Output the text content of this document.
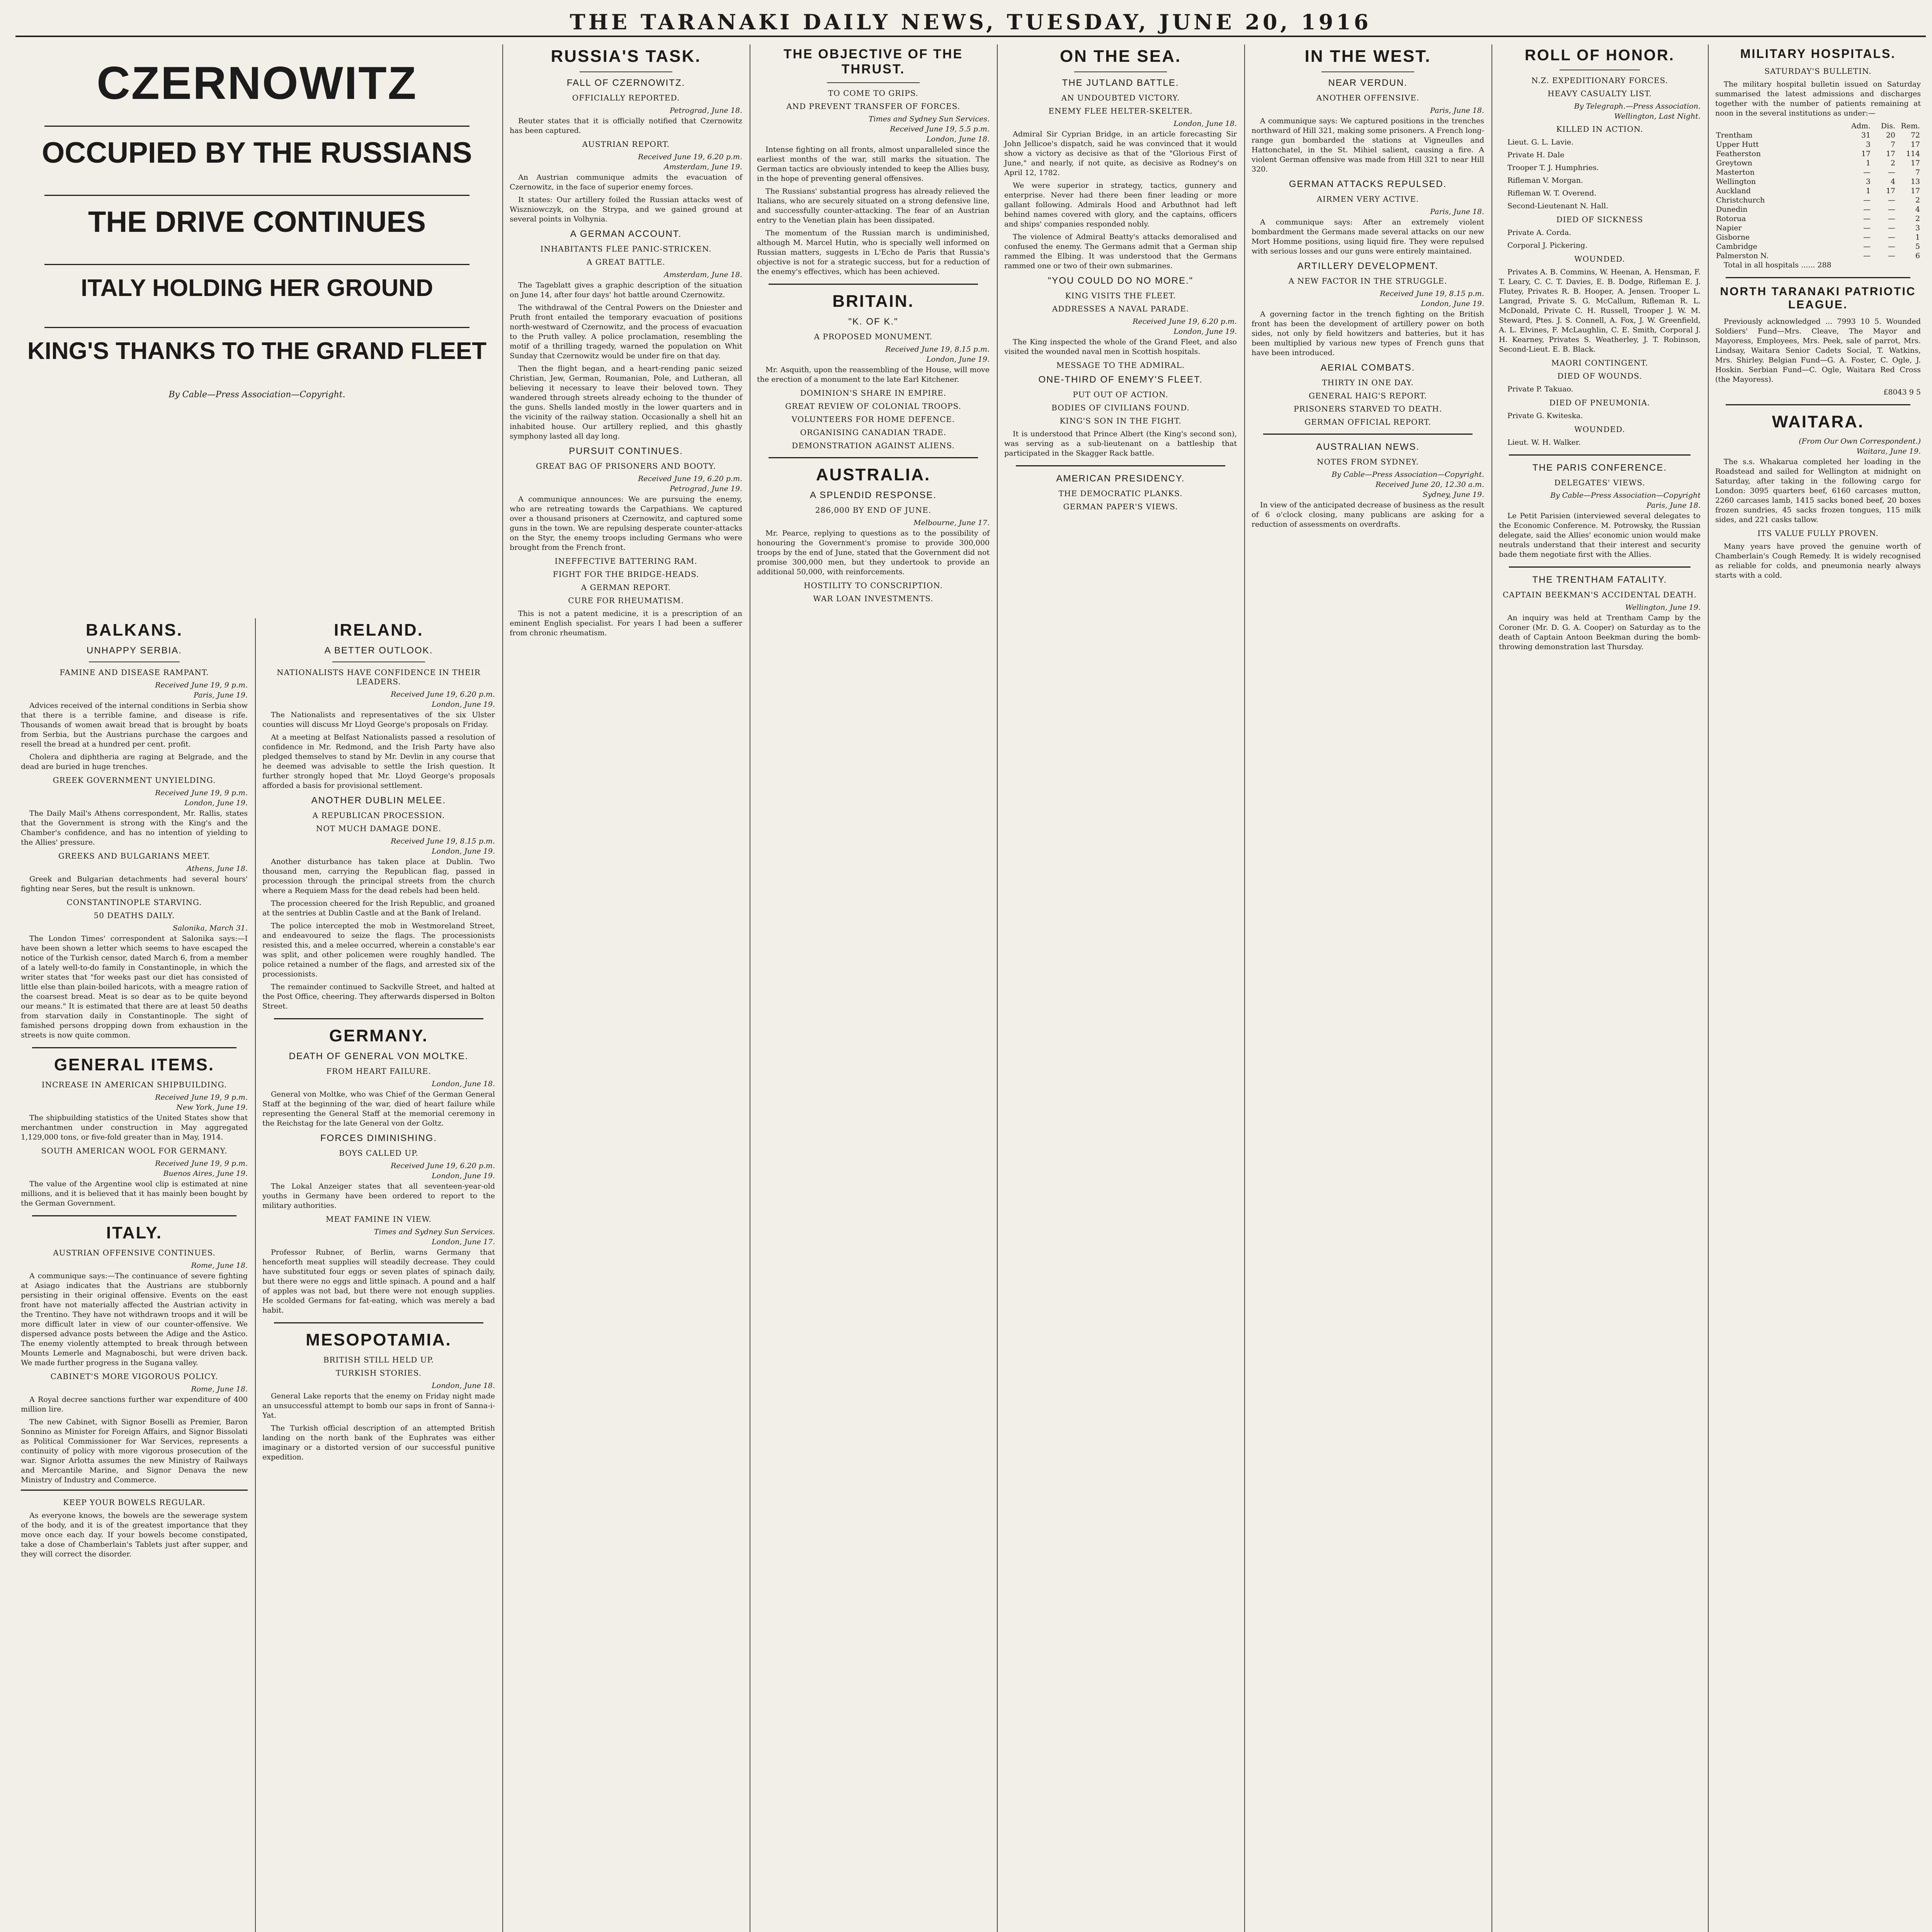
THE TARANAKI DAILY NEWS, TUESDAY, JUNE 20, 1916
CZERNOWITZ
OCCUPIED BY THE RUSSIANS
THE DRIVE CONTINUES
ITALY HOLDING HER GROUND
KING'S THANKS TO THE GRAND FLEET
By Cable—Press Association—Copyright.
BALKANS.
UNHAPPY SERBIA.
FAMINE AND DISEASE RAMPANT.
Received June 19, 9 p.m.
Paris, June 19.

Advices received of the internal conditions in Serbia show that there is a terrible famine, and disease is rife. Thousands of women await bread that is brought by boats from Serbia, but the Austrians purchase the cargoes and resell the bread at a hundred per cent. profit.

Cholera and diphtheria are raging at Belgrade, and the dead are buried in huge trenches.

GREEK GOVERNMENT UNYIELDING.
Received June 19, 9 p.m.
London, June 19.

The Daily Mail's Athens correspondent, Mr. Rallis, states that the Government is strong with the King's and the Chamber's confidence, and has no intention of yielding to the Allies' pressure.

GREEKS AND BULGARIANS MEET.
Athens, June 18.

Greek and Bulgarian detachments had several hours' fighting near Seres, but the result is unknown.

CONSTANTINOPLE STARVING.
50 DEATHS DAILY.
Salonika, March 31.

The London Times' correspondent at Salonika says:—I have been shown a letter which seems to have escaped the notice of the Turkish censor, dated March 6, from a member of a lately well-to-do family in Constantinople, in which the writer states that "for weeks past our diet has consisted of little else than plain-boiled haricots, with a meagre ration of the coarsest bread. Meat is so dear as to be quite beyond our means." It is estimated that there are at least 50 deaths from starvation daily in Constantinople. The sight of famished persons dropping down from exhaustion in the streets is now quite common.

GENERAL ITEMS.
INCREASE IN AMERICAN SHIPBUILDING.
Received June 19, 9 p.m.
New York, June 19.

The shipbuilding statistics of the United States show that merchantmen under construction in May aggregated 1,129,000 tons, or five-fold greater than in May, 1914.

SOUTH AMERICAN WOOL FOR GERMANY.
Received June 19, 9 p.m.
Buenos Aires, June 19.

The value of the Argentine wool clip is estimated at nine millions, and it is believed that it has mainly been bought by the German Government.

ITALY.
AUSTRIAN OFFENSIVE CONTINUES.
Rome, June 18.

A communique says:—The continuance of severe fighting at Asiago indicates that the Austrians are stubbornly persisting in their original offensive. Events on the east front have not materially affected the Austrian activity in the Trentino. They have not withdrawn troops and it will be more difficult later in view of our counter-offensive. We dispersed advance posts between the Adige and the Astico. The enemy violently attempted to break through between Mounts Lemerle and Magnaboschi, but were driven back. We made further progress in the Sugana valley.

CABINET'S MORE VIGOROUS POLICY.
Rome, June 18.

A Royal decree sanctions further war expenditure of 400 million lire.

The new Cabinet, with Signor Boselli as Premier, Baron Sonnino as Minister for Foreign Affairs, and Signor Bissolati as Political Commissioner for War Services, represents a continuity of policy with more vigorous prosecution of the war. Signor Arlotta assumes the new Ministry of Railways and Mercantile Marine, and Signor Denava the new Ministry of Industry and Commerce.

KEEP YOUR BOWELS REGULAR.

As everyone knows, the bowels are the sewerage system of the body, and it is of the greatest importance that they move once each day. If your bowels become constipated, take a dose of Chamberlain's Tablets just after supper, and they will correct the disorder.

IRELAND.
A BETTER OUTLOOK.
NATIONALISTS HAVE CONFIDENCE IN THEIR LEADERS.
Received June 19, 6.20 p.m.
London, June 19.

The Nationalists and representatives of the six Ulster counties will discuss Mr Lloyd George's proposals on Friday.

At a meeting at Belfast Nationalists passed a resolution of confidence in Mr. Redmond, and the Irish Party have also pledged themselves to stand by Mr. Devlin in any course that he deemed was advisable to settle the Irish question. It further strongly hoped that Mr. Lloyd George's proposals afforded a basis for provisional settlement.

ANOTHER DUBLIN MELEE.
A REPUBLICAN PROCESSION.
NOT MUCH DAMAGE DONE.
Received June 19, 8.15 p.m.
London, June 19.

Another disturbance has taken place at Dublin. Two thousand men, carrying the Republican flag, passed in procession through the principal streets from the church where a Requiem Mass for the dead rebels had been held.

The procession cheered for the Irish Republic, and groaned at the sentries at Dublin Castle and at the Bank of Ireland.

The police intercepted the mob in Westmoreland Street, and endeavoured to seize the flags. The processionists resisted this, and a melee occurred, wherein a constable's ear was split, and other policemen were roughly handled. The police retained a number of the flags, and arrested six of the processionists.

The remainder continued to Sackville Street, and halted at the Post Office, cheering. They afterwards dispersed in Bolton Street.

GERMANY.
DEATH OF GENERAL VON MOLTKE.
FROM HEART FAILURE.
London, June 18.

General von Moltke, who was Chief of the German General Staff at the beginning of the war, died of heart failure while representing the General Staff at the memorial ceremony in the Reichstag for the late General von der Goltz.

FORCES DIMINISHING.
BOYS CALLED UP.
Received June 19, 6.20 p.m.
London, June 19.

The Lokal Anzeiger states that all seventeen-year-old youths in Germany have been ordered to report to the military authorities.

MEAT FAMINE IN VIEW.
Times and Sydney Sun Services.
London, June 17.

Professor Rubner, of Berlin, warns Germany that henceforth meat supplies will steadily decrease. They could have substituted four eggs or seven plates of spinach daily, but there were no eggs and little spinach. A pound and a half of apples was not bad, but there were not enough supplies. He scolded Germans for fat-eating, which was merely a bad habit.

MESOPOTAMIA.
BRITISH STILL HELD UP.
TURKISH STORIES.
London, June 18.

General Lake reports that the enemy on Friday night made an unsuccessful attempt to bomb our saps in front of Sanna-i-Yat.

The Turkish official description of an attempted British landing on the north bank of the Euphrates was either imaginary or a distorted version of our successful punitive expedition.

RUSSIA'S TASK.
FALL OF CZERNOWITZ.
OFFICIALLY REPORTED.
Petrograd, June 18.

Reuter states that it is officially notified that Czernowitz has been captured.

AUSTRIAN REPORT.
Received June 19, 6.20 p.m.
Amsterdam, June 19.

An Austrian communique admits the evacuation of Czernowitz, in the face of superior enemy forces.

It states: Our artillery foiled the Russian attacks west of Wiszniowczyk, on the Strypa, and we gained ground at several points in Volhynia.

A GERMAN ACCOUNT.
INHABITANTS FLEE PANIC-STRICKEN.
A GREAT BATTLE.
Amsterdam, June 18.

The Tageblatt gives a graphic description of the situation on June 14, after four days' hot battle around Czernowitz.

The withdrawal of the Central Powers on the Dniester and Pruth front entailed the temporary evacuation of positions north-westward of Czernowitz, and the process of evacuation to the Pruth valley. A police proclamation, resembling the motif of a thrilling tragedy, warned the population on Whit Sunday that Czernowitz would be under fire on that day.

Then the flight began, and a heart-rending panic seized Christian, Jew, German, Roumanian, Pole, and Lutheran, all believing it necessary to leave their beloved town. They wandered through streets already echoing to the thunder of the guns. Shells landed mostly in the lower quarters and in the vicinity of the railway station. Occasionally a shell hit an inhabited house. Our artillery replied, and this ghastly symphony lasted all day long.

PURSUIT CONTINUES.
GREAT BAG OF PRISONERS AND BOOTY.
Received June 19, 6.20 p.m.
Petrograd, June 19.

A communique announces: We are pursuing the enemy, who are retreating towards the Carpathians. We captured over a thousand prisoners at Czernowitz, and captured some guns in the town. We are repulsing desperate counter-attacks on the Styr, the enemy troops including Germans who were brought from the French front.

INEFFECTIVE BATTERING RAM.
FIGHT FOR THE BRIDGE-HEADS.
A GERMAN REPORT.
CURE FOR RHEUMATISM.

This is not a patent medicine, it is a prescription of an eminent English specialist. For years I had been a sufferer from chronic rheumatism.

THE OBJECTIVE OF THE THRUST.
TO COME TO GRIPS.
AND PREVENT TRANSFER OF FORCES.
Times and Sydney Sun Services.
Received June 19, 5.5 p.m.
London, June 18.

Intense fighting on all fronts, almost unparalleled since the earliest months of the war, still marks the situation. The German tactics are obviously intended to keep the Allies busy, in the hope of preventing general offensives.

The Russians' substantial progress has already relieved the Italians, who are securely situated on a strong defensive line, and successfully counter-attacking. The fear of an Austrian entry to the Venetian plain has been dissipated.

The momentum of the Russian march is undiminished, although M. Marcel Hutin, who is specially well informed on Russian matters, suggests in L'Echo de Paris that Russia's objective is not for a strategic success, but for a reduction of the enemy's effectives, which has been achieved.

BRITAIN.
"K. OF K."
A PROPOSED MONUMENT.
Received June 19, 8.15 p.m.
London, June 19.

Mr. Asquith, upon the reassembling of the House, will move the erection of a monument to the late Earl Kitchener.

DOMINION'S SHARE IN EMPIRE.
GREAT REVIEW OF COLONIAL TROOPS.
VOLUNTEERS FOR HOME DEFENCE.
ORGANISING CANADIAN TRADE.
DEMONSTRATION AGAINST ALIENS.
AUSTRALIA.
A SPLENDID RESPONSE.
286,000 BY END OF JUNE.
Melbourne, June 17.

Mr. Pearce, replying to questions as to the possibility of honouring the Government's promise to provide 300,000 troops by the end of June, stated that the Government did not promise 300,000 men, but they undertook to provide an additional 50,000, with reinforcements.

HOSTILITY TO CONSCRIPTION.
WAR LOAN INVESTMENTS.
ON THE SEA.
THE JUTLAND BATTLE.
AN UNDOUBTED VICTORY.
ENEMY FLEE HELTER-SKELTER.
London, June 18.

Admiral Sir Cyprian Bridge, in an article forecasting Sir John Jellicoe's dispatch, said he was convinced that it would show a victory as decisive as that of the "Glorious First of June," and nearly, if not quite, as decisive as Rodney's on April 12, 1782.

We were superior in strategy, tactics, gunnery and enterprise. Never had there been finer leading or more gallant following. Admirals Hood and Arbuthnot had left behind names covered with glory, and the captains, officers and ships' companies responded nobly.

The violence of Admiral Beatty's attacks demoralised and confused the enemy. The Germans admit that a German ship rammed the Elbing. It was understood that the Germans rammed one or two of their own submarines.

"YOU COULD DO NO MORE."
KING VISITS THE FLEET.
ADDRESSES A NAVAL PARADE.
Received June 19, 6.20 p.m.
London, June 19.

The King inspected the whole of the Grand Fleet, and also visited the wounded naval men in Scottish hospitals.

MESSAGE TO THE ADMIRAL.
ONE-THIRD OF ENEMY'S FLEET.
PUT OUT OF ACTION.
BODIES OF CIVILIANS FOUND.
KING'S SON IN THE FIGHT.

It is understood that Prince Albert (the King's second son), was serving as a sub-lieutenant on a battleship that participated in the Skagger Rack battle.

AMERICAN PRESIDENCY.
THE DEMOCRATIC PLANKS.
GERMAN PAPER'S VIEWS.
IN THE WEST.
NEAR VERDUN.
ANOTHER OFFENSIVE.
Paris, June 18.

A communique says: We captured positions in the trenches northward of Hill 321, making some prisoners. A French long-range gun bombarded the stations at Vigneulles and Hattonchatel, in the St. Mihiel salient, causing a fire. A violent German offensive was made from Hill 321 to near Hill 320.

GERMAN ATTACKS REPULSED.
AIRMEN VERY ACTIVE.
Paris, June 18.

A communique says: After an extremely violent bombardment the Germans made several attacks on our new Mort Homme positions, using liquid fire. They were repulsed with serious losses and our guns were entirely maintained.

ARTILLERY DEVELOPMENT.
A NEW FACTOR IN THE STRUGGLE.
Received June 19, 8.15 p.m.
London, June 19.

A governing factor in the trench fighting on the British front has been the development of artillery power on both sides, not only by field howitzers and batteries, but it has been multiplied by various new types of French guns that have been introduced.

AERIAL COMBATS.
THIRTY IN ONE DAY.
GENERAL HAIG'S REPORT.
PRISONERS STARVED TO DEATH.
GERMAN OFFICIAL REPORT.
AUSTRALIAN NEWS.
NOTES FROM SYDNEY.
By Cable—Press Association—Copyright.
Received June 20, 12.30 a.m.
Sydney, June 19.

In view of the anticipated decrease of business as the result of 6 o'clock closing, many publicans are asking for a reduction of assessments on overdrafts.

ROLL OF HONOR.
N.Z. EXPEDITIONARY FORCES.
HEAVY CASUALTY LIST.
By Telegraph.—Press Association.
Wellington, Last Night.
KILLED IN ACTION.

Lieut. G. L. Lavie.

Private H. Dale

Trooper T. J. Humphries.

Rifleman V. Morgan.

Rifleman W. T. Overend.

Second-Lieutenant N. Hall.

DIED OF SICKNESS

Private A. Corda.

Corporal J. Pickering.

WOUNDED.

Privates A. B. Commins, W. Heenan, A. Hensman, F. T. Leary, C. C. T. Davies, E. B. Dodge, Rifleman E. J. Flutey, Privates R. B. Hooper, A. Jensen. Trooper L. Langrad, Private S. G. McCallum, Rifleman R. L. McDonald, Private C. H. Russell, Trooper J. W. M. Steward, Ptes. J. S. Connell, A. Fox, J. W. Greenfield, A. L. Elvines, F. McLaughlin, C. E. Smith, Corporal J. H. Kearney, Privates S. Weatherley, J. T. Robinson, Second-Lieut. E. B. Black.

MAORI CONTINGENT.
DIED OF WOUNDS.

Private P. Takuao.

DIED OF PNEUMONIA.

Private G. Kwiteska.

WOUNDED.

Lieut. W. H. Walker.

THE PARIS CONFERENCE.
DELEGATES' VIEWS.
By Cable—Press Association—Copyright
Paris, June 18.

Le Petit Parisien (interviewed several delegates to the Economic Conference. M. Potrowsky, the Russian delegate, said the Allies' economic union would make neutrals understand that their interest and security bade them negotiate first with the Allies.

THE TRENTHAM FATALITY.
CAPTAIN BEEKMAN'S ACCIDENTAL DEATH.
Wellington, June 19.

An inquiry was held at Trentham Camp by the Coroner (Mr. D. G. A. Cooper) on Saturday as to the death of Captain Antoon Beekman during the bomb-throwing demonstration last Thursday.

MILITARY HOSPITALS.
SATURDAY'S BULLETIN.

The military hospital bulletin issued on Saturday summarised the latest admissions and discharges together with the number of patients remaining at noon in the several institutions as under:—

	Adm.	Dis.	Rem.
Trentham	31	20	72
Upper Hutt	3	7	17
Featherston	17	17	114
Greytown	1	2	17
Masterton	—	—	7
Wellington	3	4	13
Auckland	1	17	17
Christchurch	—	—	2
Dunedin	—	—	4
Rotorua	—	—	2
Napier	—	—	3
Gisborne	—	—	1
Cambridge	—	—	5
Palmerston N.	—	—	6

Total in all hospitals ...... 288

NORTH TARANAKI PATRIOTIC LEAGUE.

Previously acknowledged ... 7993 10 5. Wounded Soldiers' Fund—Mrs. Cleave, The Mayor and Mayoress, Employees, Mrs. Peek, sale of parrot, Mrs. Lindsay, Waitara Senior Cadets Social, T. Watkins, Mrs. Shirley. Belgian Fund—G. A. Foster, C. Ogle, J. Hoskin. Serbian Fund—C. Ogle, Waitara Red Cross (the Mayoress).

£8043 9 5

WAITARA.
(From Our Own Correspondent.)
Waitara, June 19.

The s.s. Whakarua completed her loading in the Roadstead and sailed for Wellington at midnight on Saturday, after taking in the following cargo for London: 3095 quarters beef, 6160 carcases mutton, 2260 carcases lamb, 1415 sacks boned beef, 20 boxes frozen sundries, 45 sacks frozen tongues, 115 milk sides, and 221 casks tallow.

ITS VALUE FULLY PROVEN.

Many years have proved the genuine worth of Chamberlain's Cough Remedy. It is widely recognised as reliable for colds, and pneumonia nearly always starts with a cold.
